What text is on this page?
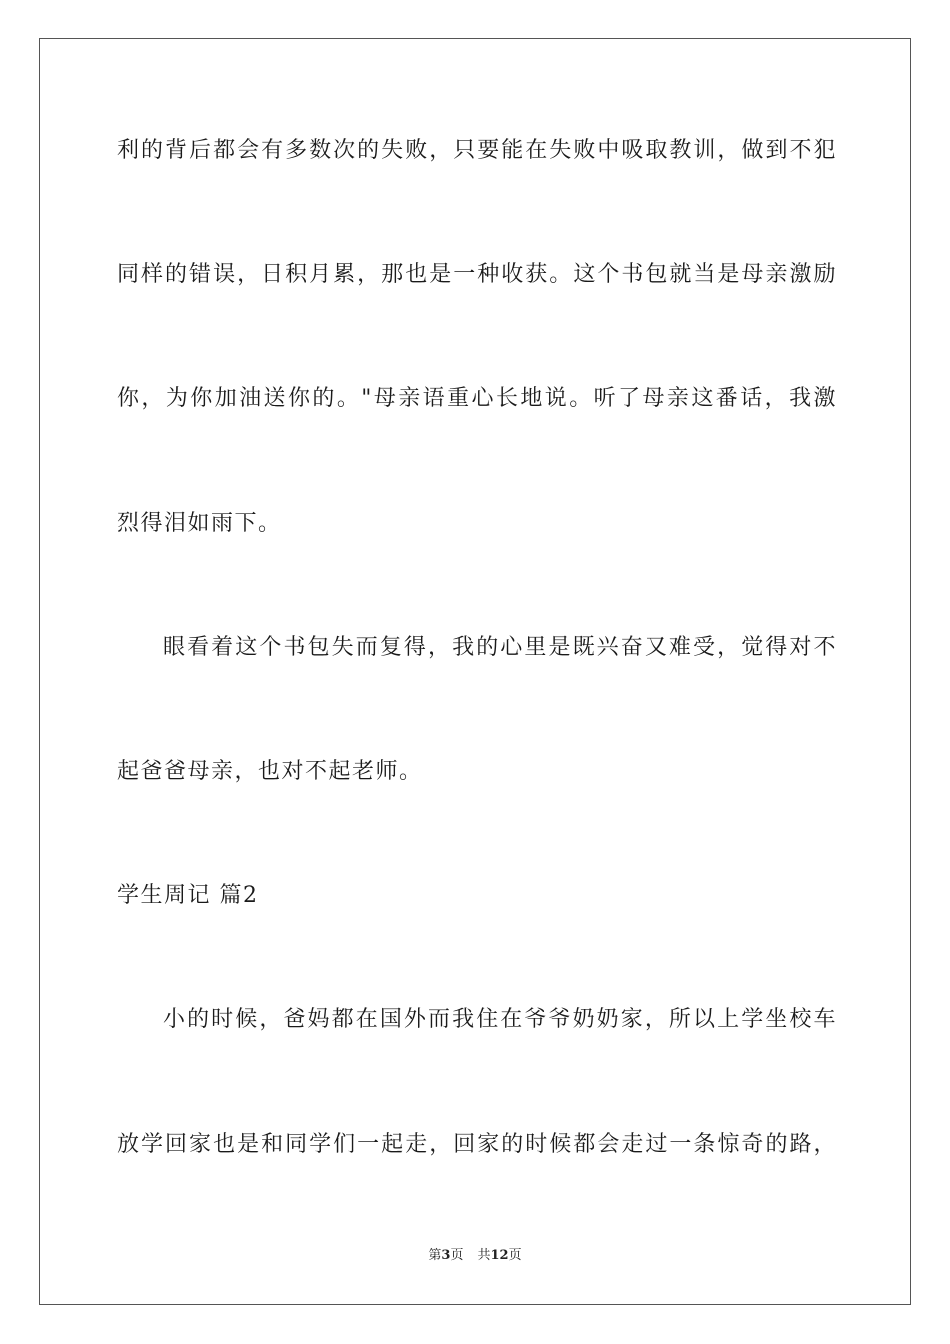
利的背后都会有多数次的失败，只要能在失败中吸取教训，做到不犯
同样的错误，日积月累，那也是一种收获。这个书包就当是母亲激励
你，为你加油送你的。"母亲语重心长地说。听了母亲这番话，我激
烈得泪如雨下。
眼看着这个书包失而复得，我的心里是既兴奋又难受，觉得对不
起爸爸母亲，也对不起老师。
学生周记 篇2
小的时候，爸妈都在国外而我住在爷爷奶奶家，所以上学坐校车
放学回家也是和同学们一起走，回家的时候都会走过一条惊奇的路，
第3页 共12页
